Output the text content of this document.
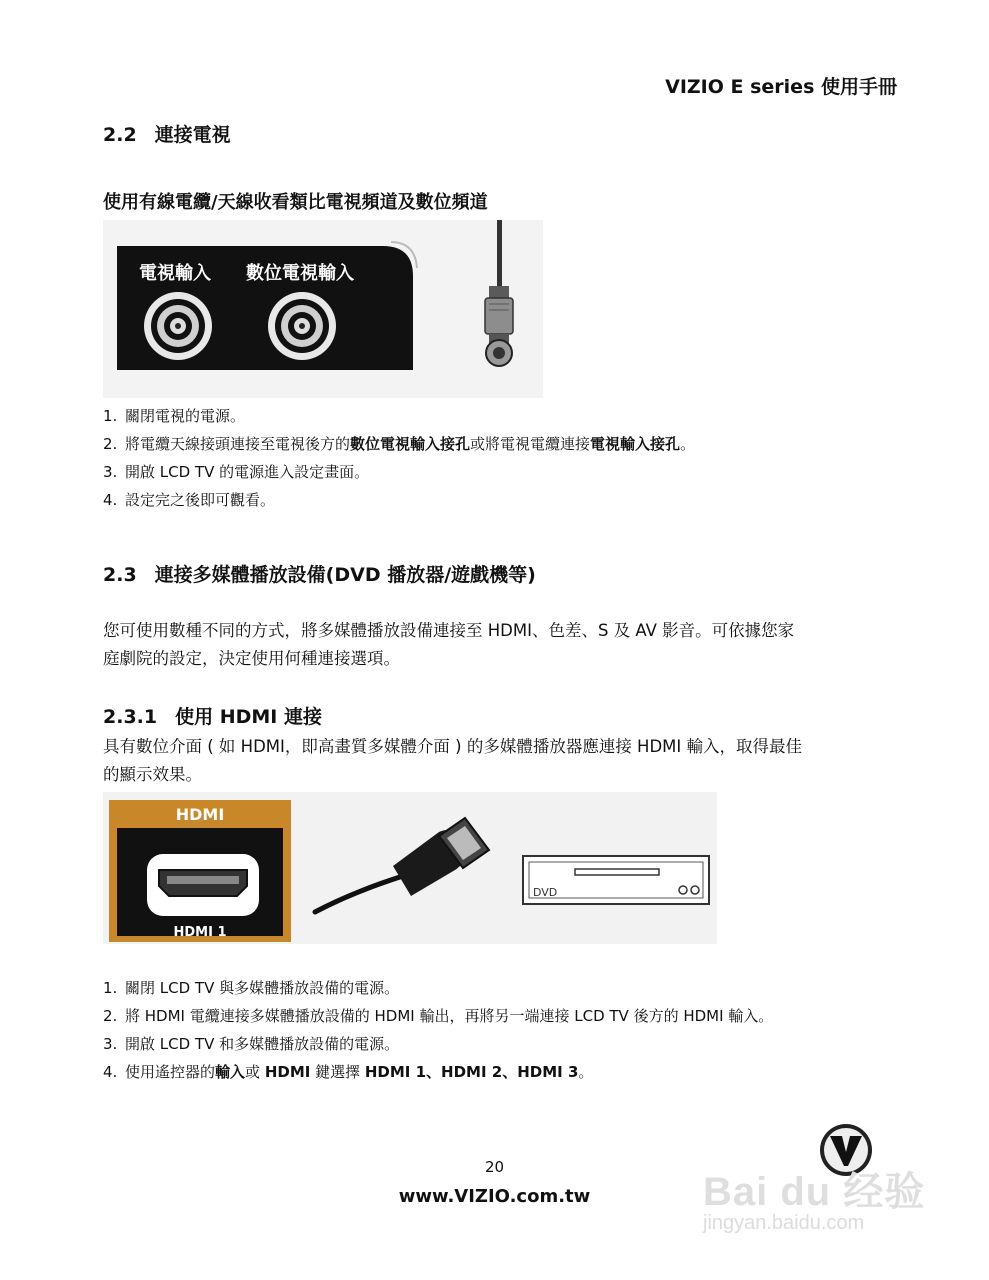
VIZIO E series 使用手冊
2.2 連接電視
使用有線電纜/天線收看類比電視頻道及數位頻道
電視輸入 數位電視輸入
1. 關閉電視的電源。
2. 將電纜天線接頭連接至電視後方的數位電視輸入接孔或將電視電纜連接電視輸入接孔。
3. 開啟 LCD TV 的電源進入設定畫面。
4. 設定完之後即可觀看。
2.3 連接多媒體播放設備(DVD 播放器/遊戲機等)
您可使用數種不同的方式，將多媒體播放設備連接至 HDMI、色差、S 及 AV 影音。可依據您家
庭劇院的設定，決定使用何種連接選項。
2.3.1 使用 HDMI 連接
具有數位介面 ( 如 HDMI，即高畫質多媒體介面 ) 的多媒體播放器應連接 HDMI 輸入，取得最佳
的顯示效果。
HDMI
HDMI 1
DVD
1. 關閉 LCD TV 與多媒體播放設備的電源。
2. 將 HDMI 電纜連接多媒體播放設備的 HDMI 輸出，再將另一端連接 LCD TV 後方的 HDMI 輸入。
3. 開啟 LCD TV 和多媒體播放設備的電源。
4. 使用遙控器的輸入或 HDMI 鍵選擇 HDMI 1、HDMI 2、HDMI 3。
20
www.VIZIO.com.tw	Bai du 经验
jingyan.baidu.com
